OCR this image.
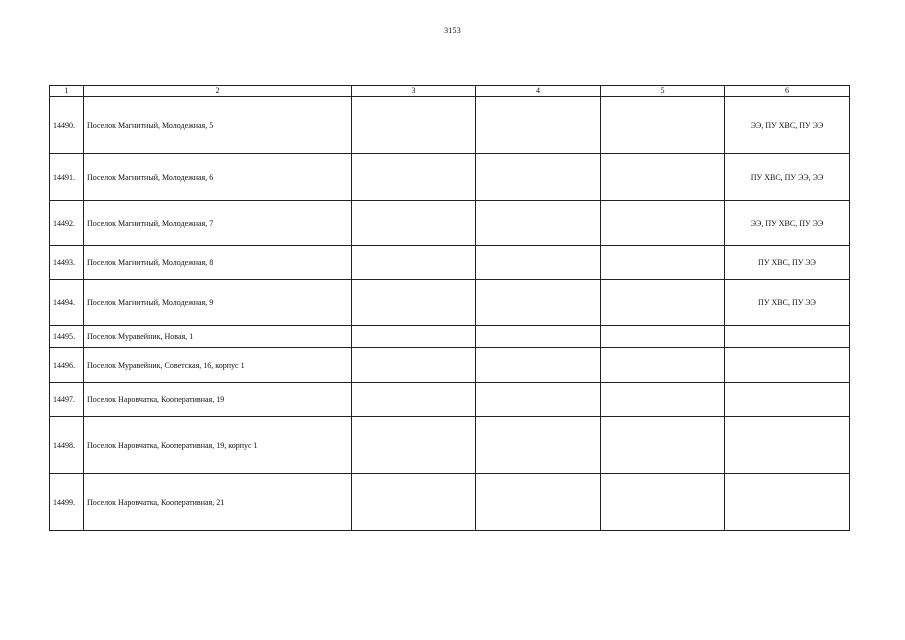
3153
1	2	3	4	5	6
14490.	Поселок Магнитный, Молодежная, 5				ЭЭ, ПУ ХВС, ПУ ЭЭ
14491.	Поселок Магнитный, Молодежная, 6				ПУ ХВС, ПУ ЭЭ, ЭЭ
14492.	Поселок Магнитный, Молодежная, 7				ЭЭ, ПУ ХВС, ПУ ЭЭ
14493.	Поселок Магнитный, Молодежная, 8				ПУ ХВС, ПУ ЭЭ
14494.	Поселок Магнитный, Молодежная, 9				ПУ ХВС, ПУ ЭЭ
14495.	Поселок Муравейник, Новая, 1				
14496.	Поселок Муравейник, Советская, 16, корпус 1				
14497.	Поселок Наровчатка, Кооперативная, 19				
14498.	Поселок Наровчатка, Кооперативная, 19, корпус 1				
14499.	Поселок Наровчатка, Кооперативная, 21				
